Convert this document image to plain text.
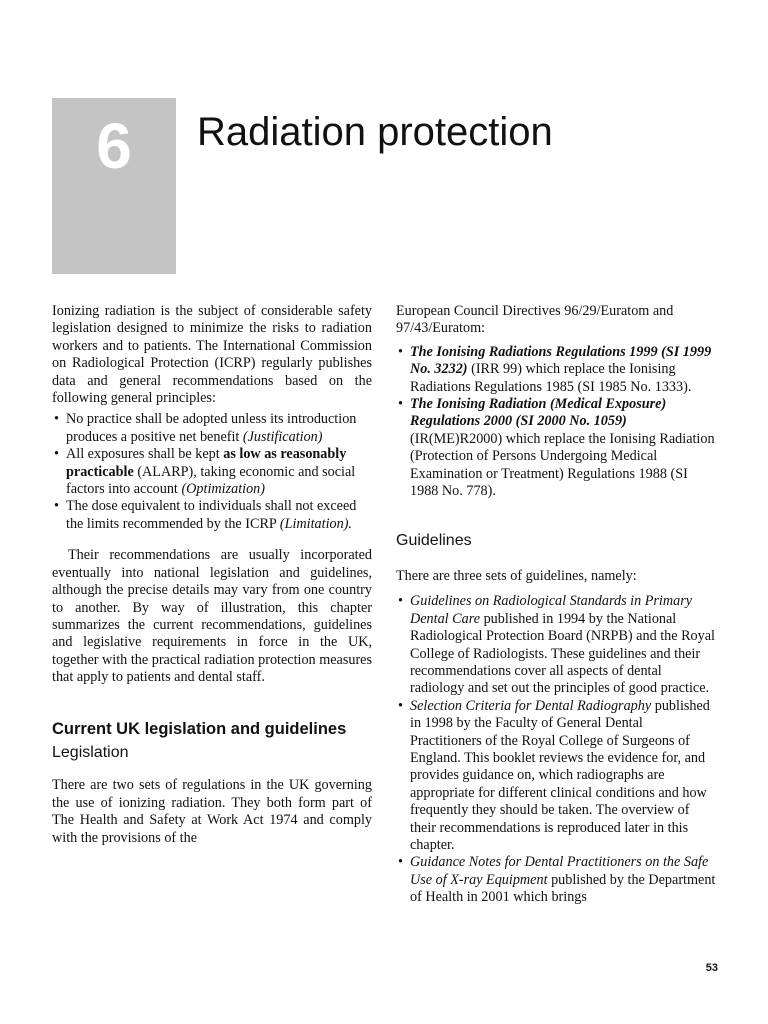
6	Radiation protection

Ionizing radiation is the subject of considerable safety legislation designed to minimize the risks to radiation workers and to patients. The International Commission on Radiological Protection (ICRP) regularly publishes data and general recommendations based on the following general principles:

• No practice shall be adopted unless its introduction produces a positive net benefit (Justification)
• All exposures shall be kept as low as reasonably practicable (ALARP), taking economic and social factors into account (Optimization)
• The dose equivalent to individuals shall not exceed the limits recommended by the ICRP (Limitation).

Their recommendations are usually incorporated eventually into national legislation and guidelines, although the precise details may vary from one country to another. By way of illustration, this chapter summarizes the current recommendations, guidelines and legislative requirements in force in the UK, together with the practical radiation protection measures that apply to patients and dental staff.

Current UK legislation and guidelines
Legislation

There are two sets of regulations in the UK governing the use of ionizing radiation. They both form part of The Health and Safety at Work Act 1974 and comply with the provisions of the

European Council Directives 96/29/Euratom and 97/43/Euratom:

• The Ionising Radiations Regulations 1999 (SI 1999 No. 3232) (IRR 99) which replace the Ionising Radiations Regulations 1985 (SI 1985 No. 1333).
• The Ionising Radiation (Medical Exposure) Regulations 2000 (SI 2000 No. 1059) (IR(ME)R2000) which replace the Ionising Radiation (Protection of Persons Undergoing Medical Examination or Treatment) Regulations 1988 (SI 1988 No. 778).
Guidelines

There are three sets of guidelines, namely:

• Guidelines on Radiological Standards in Primary Dental Care published in 1994 by the National Radiological Protection Board (NRPB) and the Royal College of Radiologists. These guidelines and their recommendations cover all aspects of dental radiology and set out the principles of good practice.
• Selection Criteria for Dental Radiography published in 1998 by the Faculty of General Dental Practitioners of the Royal College of Surgeons of England. This booklet reviews the evidence for, and provides guidance on, which radiographs are appropriate for different clinical conditions and how frequently they should be taken. The overview of their recommendations is reproduced later in this chapter.
• Guidance Notes for Dental Practitioners on the Safe Use of X-ray Equipment published by the Department of Health in 2001 which brings
53
